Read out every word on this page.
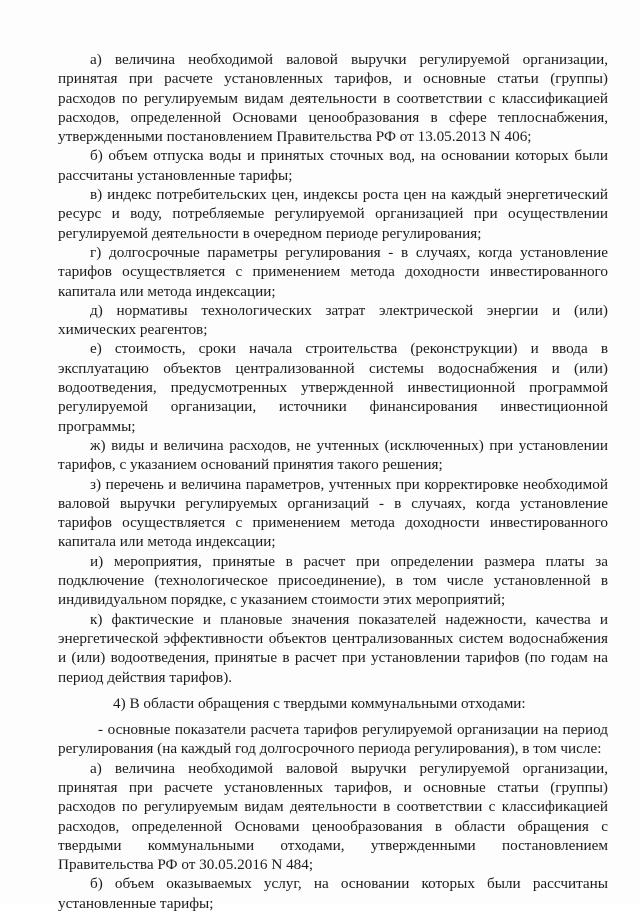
а) величина необходимой валовой выручки регулируемой организации, принятая при расчете установленных тарифов, и основные статьи (группы) расходов по регулируемым видам деятельности в соответствии с классификацией расходов, определенной Основами ценообразования в сфере теплоснабжения, утвержденными постановлением Правительства РФ от 13.05.2013 N 406;

б) объем отпуска воды и принятых сточных вод, на основании которых были рассчитаны установленные тарифы;

в) индекс потребительских цен, индексы роста цен на каждый энергетический ресурс и воду, потребляемые регулируемой организацией при осуществлении регулируемой деятельности в очередном периоде регулирования;

г) долгосрочные параметры регулирования - в случаях, когда установление тарифов осуществляется с применением метода доходности инвестированного капитала или метода индексации;

д) нормативы технологических затрат электрической энергии и (или) химических реагентов;

е) стоимость, сроки начала строительства (реконструкции) и ввода в эксплуатацию объектов централизованной системы водоснабжения и (или) водоотведения, предусмотренных утвержденной инвестиционной программой регулируемой организации, источники финансирования инвестиционной программы;

ж) виды и величина расходов, не учтенных (исключенных) при установлении тарифов, с указанием оснований принятия такого решения;

з) перечень и величина параметров, учтенных при корректировке необходимой валовой выручки регулируемых организаций - в случаях, когда установление тарифов осуществляется с применением метода доходности инвестированного капитала или метода индексации;

и) мероприятия, принятые в расчет при определении размера платы за подключение (технологическое присоединение), в том числе установленной в индивидуальном порядке, с указанием стоимости этих мероприятий;

к) фактические и плановые значения показателей надежности, качества и энергетической эффективности объектов централизованных систем водоснабжения и (или) водоотведения, принятые в расчет при установлении тарифов (по годам на период действия тарифов).

4) В области обращения с твердыми коммунальными отходами:

- основные показатели расчета тарифов регулируемой организации на период регулирования (на каждый год долгосрочного периода регулирования), в том числе:

а) величина необходимой валовой выручки регулируемой организации, принятая при расчете установленных тарифов, и основные статьи (группы) расходов по регулируемым видам деятельности в соответствии с классификацией расходов, определенной Основами ценообразования в области обращения с твердыми коммунальными отходами, утвержденными постановлением Правительства РФ от 30.05.2016 N 484;

б) объем оказываемых услуг, на основании которых были рассчитаны установленные тарифы;
